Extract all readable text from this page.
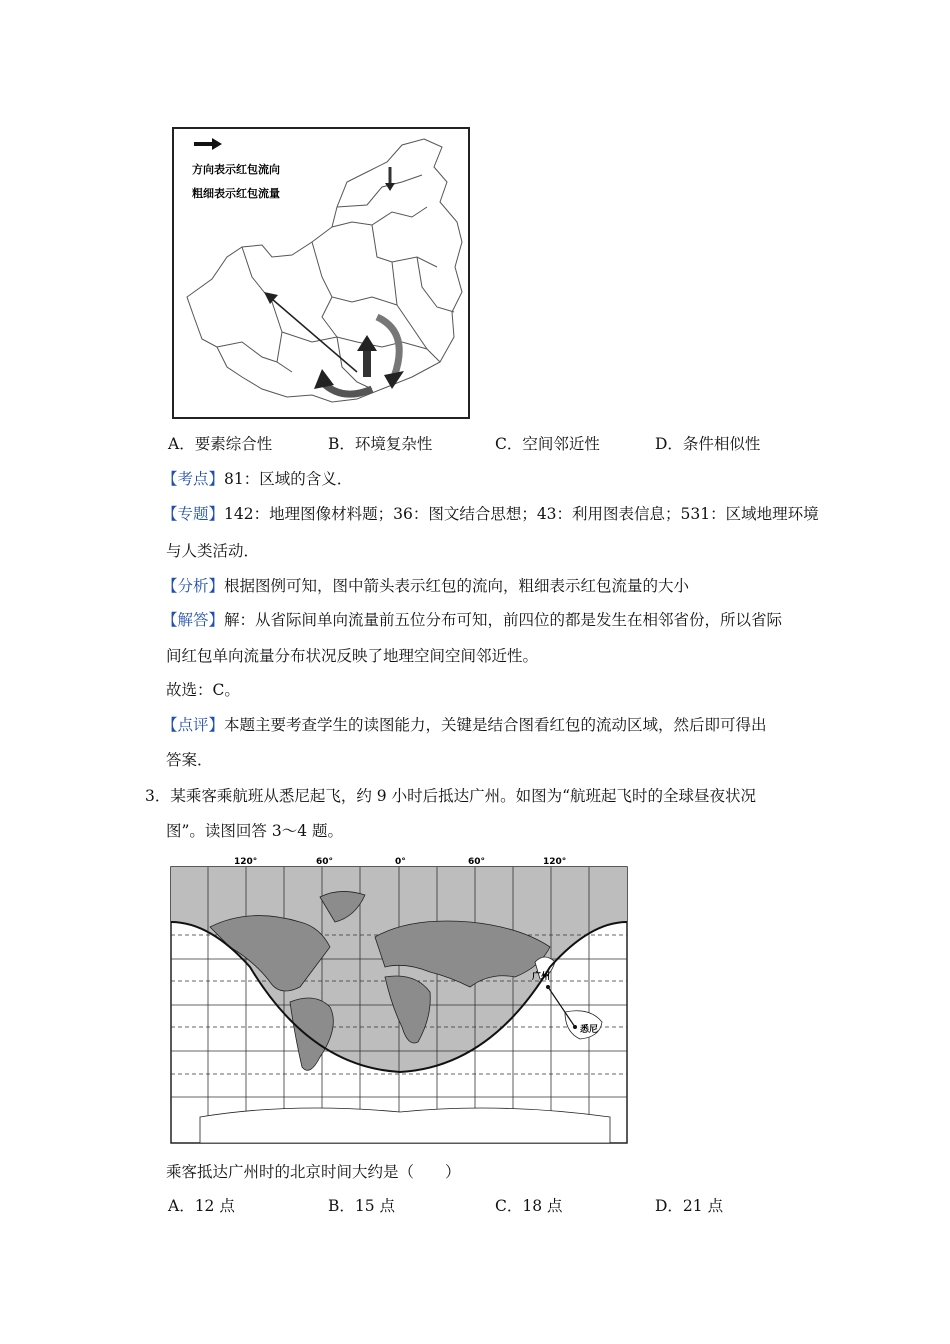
方向表示红包流向
粗细表示红包流量
A．要素综合性	B．环境复杂性	C．空间邻近性	D．条件相似性
【考点】81：区域的含义．
【专题】142：地理图像材料题；36：图文结合思想；43：利用图表信息；531：区域地理环境
与人类活动．
【分析】根据图例可知，图中箭头表示红包的流向，粗细表示红包流量的大小
【解答】解：从省际间单向流量前五位分布可知，前四位的都是发生在相邻省份，所以省际
间红包单向流量分布状况反映了地理空间空间邻近性。
故选：C。
【点评】本题主要考查学生的读图能力，关键是结合图看红包的流动区域，然后即可得出
答案．
3．某乘客乘航班从悉尼起飞，约 9 小时后抵达广州。如图为“航班起飞时的全球昼夜状况
图”。读图回答 3～4 题。
120°	60°	0°	60°	120°
广州
悉尼
乘客抵达广州时的北京时间大约是（　　）
A．12 点	B．15 点	C．18 点	D．21 点
